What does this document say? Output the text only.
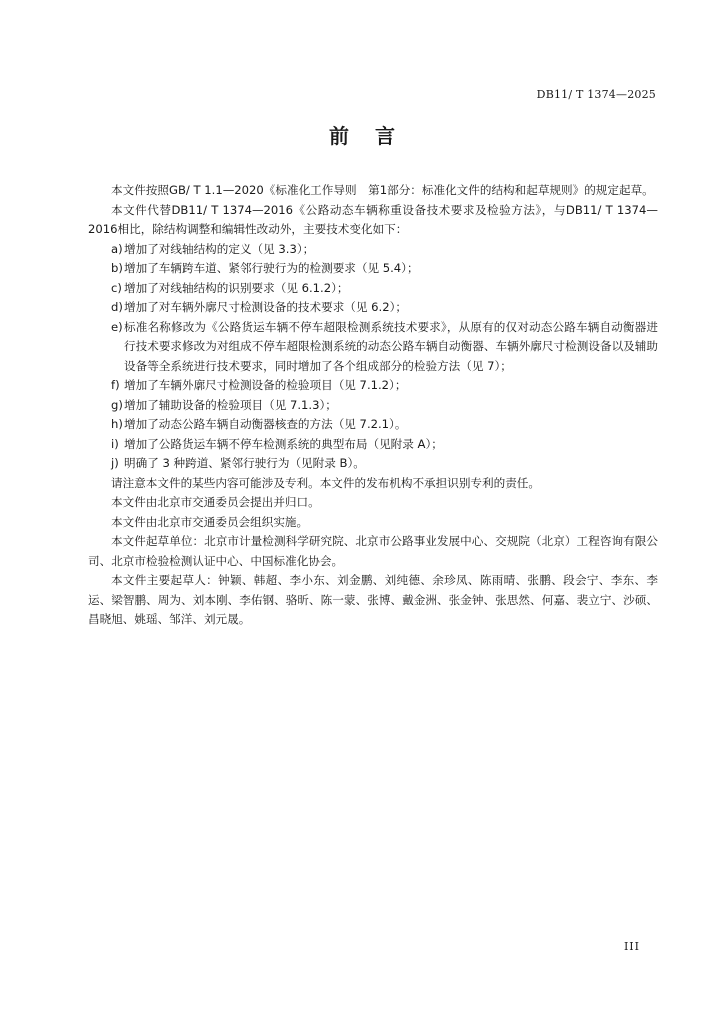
DB11/ T 1374—2025
前言

本文件按照GB/ T 1.1—2020《标准化工作导则　第1部分：标准化文件的结构和起草规则》的规定起草。

本文件代替DB11/ T 1374—2016《公路动态车辆称重设备技术要求及检验方法》，与DB11/ T 1374—2016相比，除结构调整和编辑性改动外，主要技术变化如下：

a) 增加了对线轴结构的定义（见 3.3）；

b) 增加了车辆跨车道、紧邻行驶行为的检测要求（见 5.4）；

c) 增加了对线轴结构的识别要求（见 6.1.2）；

d) 增加了对车辆外廓尺寸检测设备的技术要求（见 6.2）；

e) 标准名称修改为《公路货运车辆不停车超限检测系统技术要求》，从原有的仅对动态公路车辆自动衡器进行技术要求修改为对组成不停车超限检测系统的动态公路车辆自动衡器、车辆外廓尺寸检测设备以及辅助设备等全系统进行技术要求，同时增加了各个组成部分的检验方法（见 7）；

f) 增加了车辆外廓尺寸检测设备的检验项目（见 7.1.2）；

g) 增加了辅助设备的检验项目（见 7.1.3）；

h) 增加了动态公路车辆自动衡器核查的方法（见 7.2.1）。

i) 增加了公路货运车辆不停车检测系统的典型布局（见附录 A）；

j) 明确了 3 种跨道、紧邻行驶行为（见附录 B）。

请注意本文件的某些内容可能涉及专利。本文件的发布机构不承担识别专利的责任。

本文件由北京市交通委员会提出并归口。

本文件由北京市交通委员会组织实施。

本文件起草单位：北京市计量检测科学研究院、北京市公路事业发展中心、交规院（北京）工程咨询有限公司、北京市检验检测认证中心、中国标准化协会。

本文件主要起草人：钟颖、韩超、李小东、刘金鹏、刘纯德、余珍凤、陈雨晴、张鹏、段会宁、李东、李运、梁智鹏、周为、刘本刚、李佑钢、骆昕、陈一蒙、张博、戴金洲、张金钟、张思然、何嘉、裴立宁、沙硕、昌晓旭、姚瑶、邹洋、刘元晟。

III
